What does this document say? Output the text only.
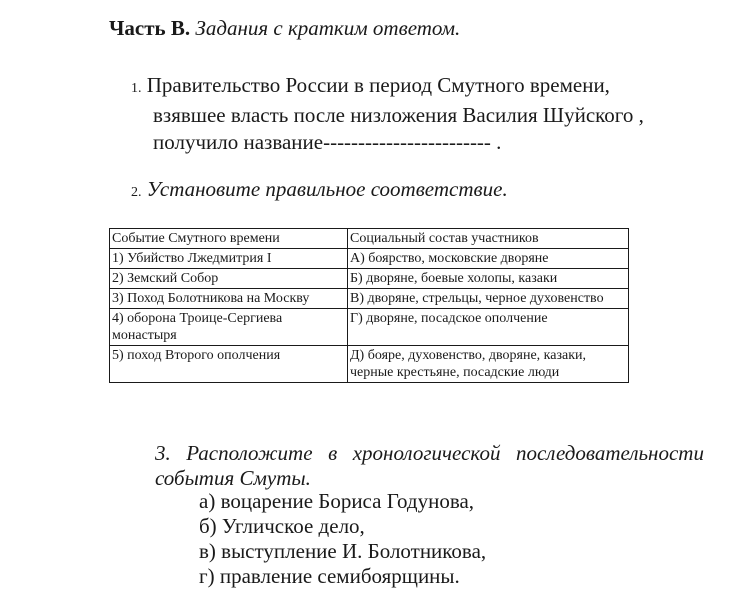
Часть В. Задания с кратким ответом.
1. Правительство России в период Смутного времени,
взявшее власть после низложения Василия Шуйского ,
получило название------------------------ .
2. Установите правильное соответствие.
Событие Смутного времени	Социальный состав участников
1) Убийство Лжедмитрия I	А) боярство, московские дворяне
2) Земский Собор	Б) дворяне, боевые холопы, казаки
3) Поход Болотникова на Москву	В) дворяне, стрельцы, черное духовенство
4) оборона Троице-Сергиева монастыря	Г) дворяне, посадское ополчение
5) поход Второго ополчения	Д) бояре, духовенство, дворяне, казаки, черные крестьяне, посадские люди
3. Расположите в хронологической последовательности
события Смуты.
а) воцарение Бориса Годунова,
б) Угличское дело,
в) выступление И. Болотникова,
г) правление семибоярщины.
